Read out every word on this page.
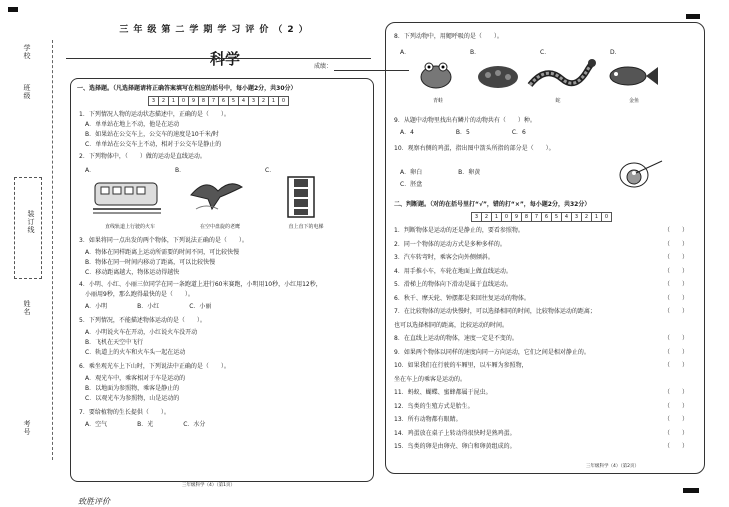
学校
班级
姓名
考号
装订线
三年级第二学期学习评价（2）
科学	成绩：
一、选择题。（凡选择题请将正确答案填写在相应的括号中，每小题2分，共30分）
3	2	1	0	9	8	7	6	5	4	3	2	1	0
1．下列情况人物的运动状态描述中，正确的是（　　）。
A．单单站在地上不动，他是在运动
B．如果站在公交车上，公交车的速度是10千米/时
C．单单站在公交车上不动，相对于公交车是静止的
2．下列物体中，（　　）做的运动是直线运动。
A．	B．	C．
直线轨道上行驶的火车	在空中盘旋的老鹰	直上直下的电梯
3．如果将同一点出发的两个物体，下列说法正确的是（　　）。
A．物体在同样距离上运动所需要的时间不同，可比较快慢
B．物体在同一时间内移动了距离，可以比较快慢
C．移动距离越大，物体运动得越快
4．小明、小红、小丽三位同学在同一条跑道上进行60米赛跑，小明用10秒，小红用12秒，
小丽用9秒，那么跑得最快的是（　　）。
A．小明　　　　　B．小红　　　　　C．小丽
5．下列情况，不能描述物体运动的是（　　）。
A．小明说火车在开动，小红说火车没开动
B．飞机在天空中飞行
C．轨道上的火车和火车头一起在运动
6．乘坐观光车上下山时，下列说法中正确的是（　　）。
A．观光车中，乘客相对于车是运动的
B．以地面为参照物，乘客是静止的
C．以观光车为参照物，山是运动的
7．要给植物的生长提供（　　）。
A．空气　　　　　B．光　　　　　C．水分
致胜评价
三年级科学（4）（第1页）
8．下列动物中，用鳃呼吸的是（　　）。
A．	B．	C．	D．
青蛙	蛇	金鱼
9．从题中动物里找出有鳞片的动物共有（　　）种。
A．4　　　　　　　B．5　　　　　　　C．6
10．观察右侧的鸡蛋，指出图中箭头所指的部分是（　　）。
A．卵白　　　　　　B．卵黄
C．胚盘
二、判断题。（对的在括号里打“√”，错的打“×”，每小题2分，共32分）
3	2	1	0	9	8	7	6	5	4	3	2	1	0
1．判断物体是运动的还是静止的，要看参照物。	（　　）
2．同一个物体的运动方式是多种多样的。	（　　）
3．汽车转弯时，乘客会向外侧倾斜。	（　　）
4．用手推小车，车轮在地面上做直线运动。	（　　）
5．滑梯上的物体向下滑动是属于直线运动。	（　　）
6．秋千、摩天轮、钟摆都是来回往复运动的物体。	（　　）
7．在比较物体的运动快慢时，可以选择相同的时间，比较物体运动的距离；	（　　）
也可以选择相同的距离，比较运动的时间。
8．在直线上运动的物体，速度一定是不变的。	（　　）
9．如果两个物体以同样的速度向同一方向运动，它们之间是相对静止的。	（　　）
10．如果我们在行驶的车厢里，以车厢为参照物，	（　　）
坐在车上的乘客是运动的。
11．蚂蚁、蝴蝶、蜜蜂都属于昆虫。	（　　）
12．鸟类的生殖方式是胎生。	（　　）
13．所有动物都有眼睛。	（　　）
14．鸡蛋放在桌子上转动得很快时是熟鸡蛋。	（　　）
15．鸟类的卵是由卵壳、卵白和卵黄组成的。	（　　）
三年级科学（4）（第2页）
